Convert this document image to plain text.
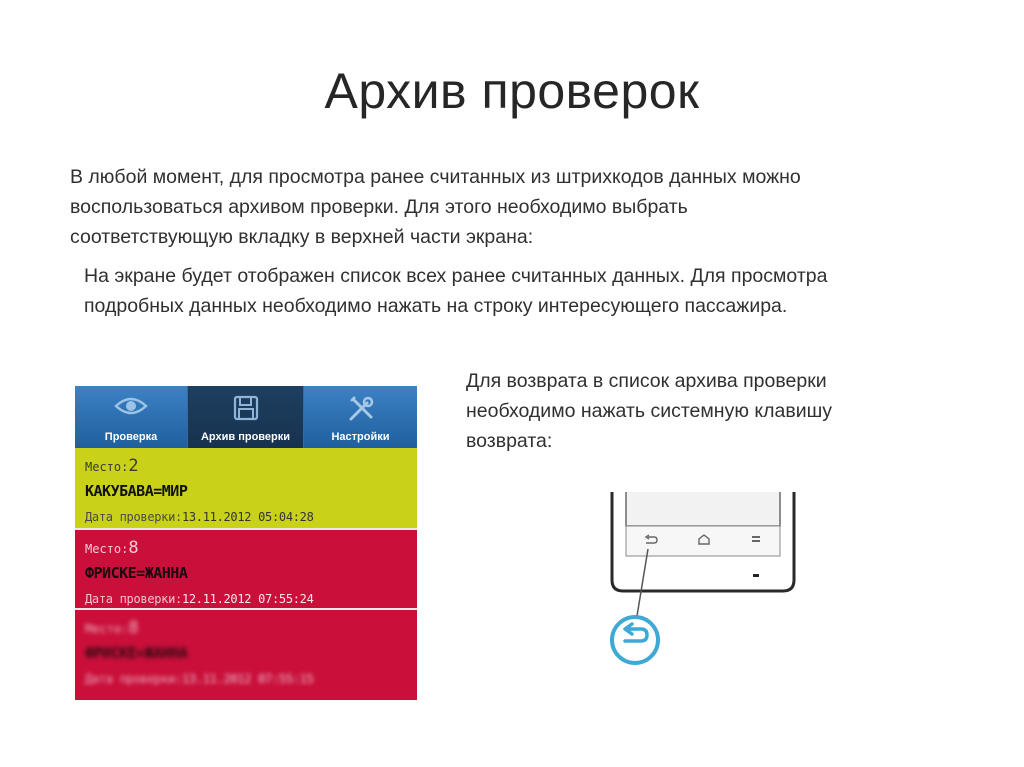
Архив проверок

В любой момент, для просмотра ранее считанных из штрихкодов данных можно
воспользоваться архивом проверки. Для этого необходимо выбрать
соответствующую вкладку в верхней части экрана:

На экране будет отображен список всех ранее считанных данных. Для просмотра
подробных данных необходимо нажать на строку интересующего пассажира.

Для возврата в список архива проверки
необходимо нажать системную клавишу
возврата:

Проверка	Архив проверки	Настройки
Место:2
КАКУБАВА=МИР
Дата проверки:13.11.2012 05:04:28
Место:8
ФРИСКЕ=ЖАННА
Дата проверки:12.11.2012 07:55:24
Место:8
ФРИСКЕ=ЖАННА
Дата проверки:13.11.2012 07:55:15
